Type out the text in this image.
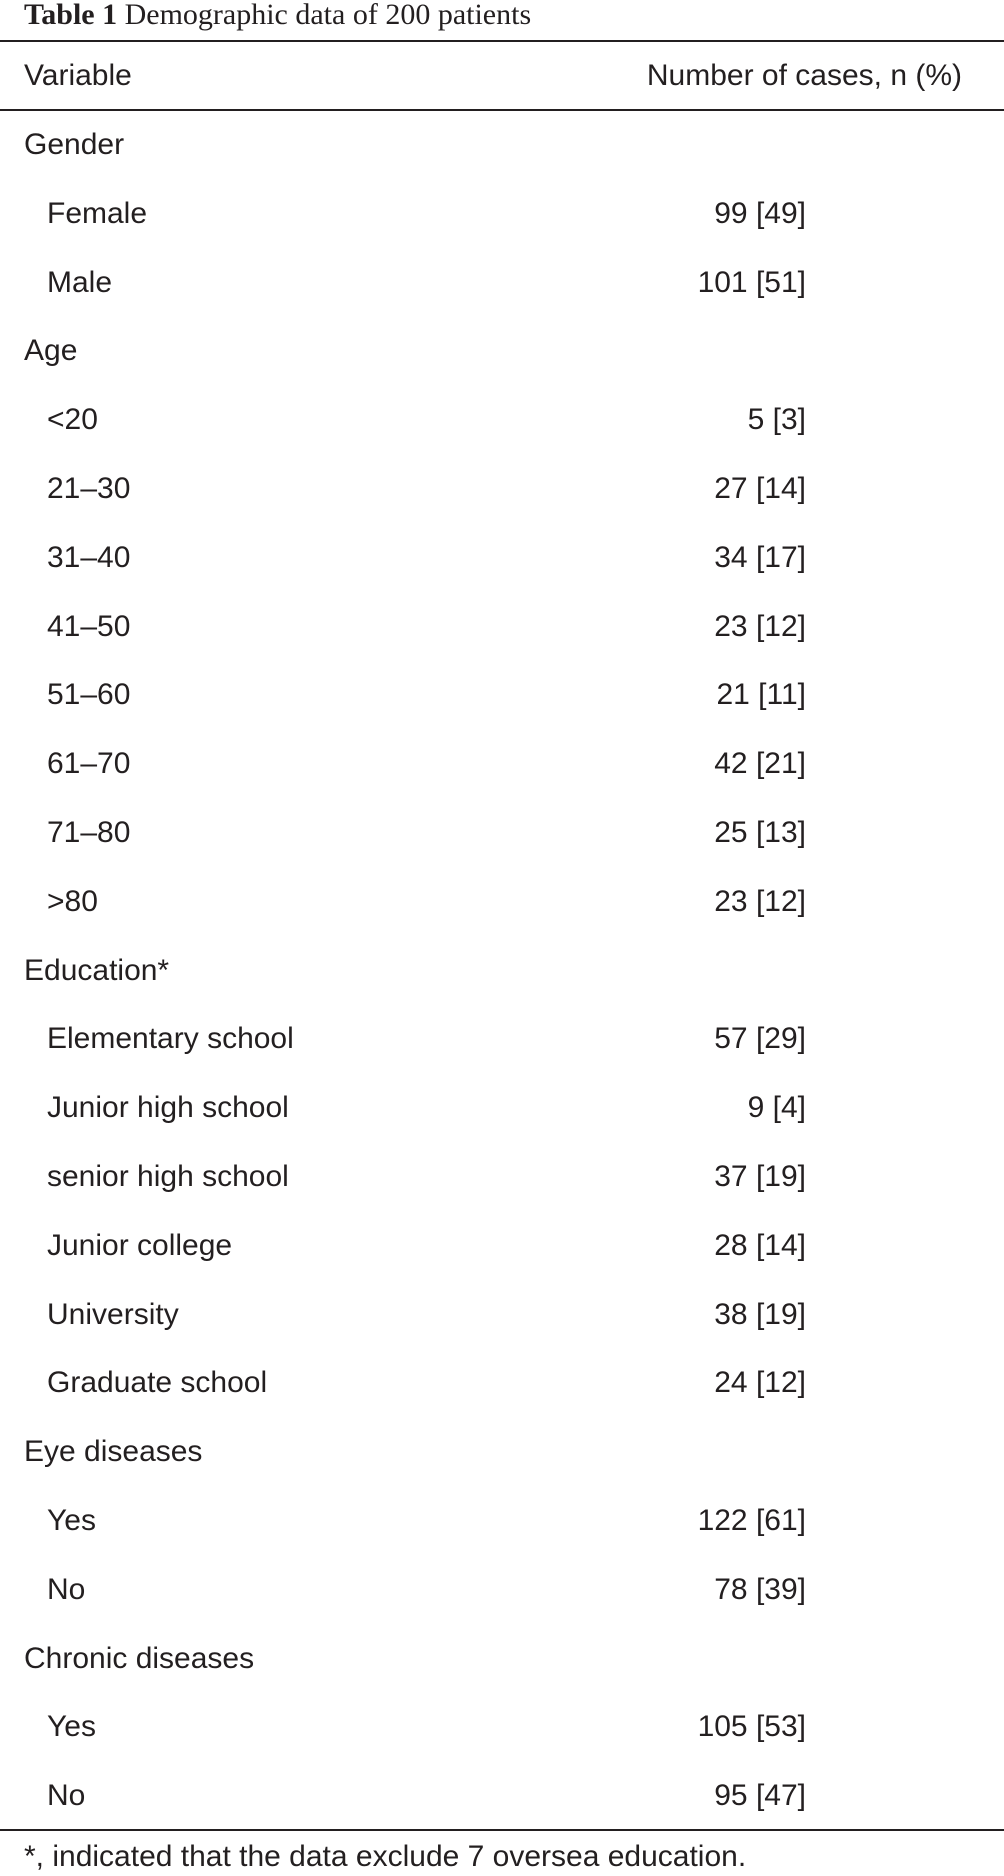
Table 1 Demographic data of 200 patients
Variable	Number of cases, n (%)
Gender
Female	99 [49]
Male	101 [51]
Age
<20	5 [3]
21–30	27 [14]
31–40	34 [17]
41–50	23 [12]
51–60	21 [11]
61–70	42 [21]
71–80	25 [13]
>80	23 [12]
Education*
Elementary school	57 [29]
Junior high school	9 [4]
senior high school	37 [19]
Junior college	28 [14]
University	38 [19]
Graduate school	24 [12]
Eye diseases
Yes	122 [61]
No	78 [39]
Chronic diseases
Yes	105 [53]
No	95 [47]
*, indicated that the data exclude 7 oversea education.
